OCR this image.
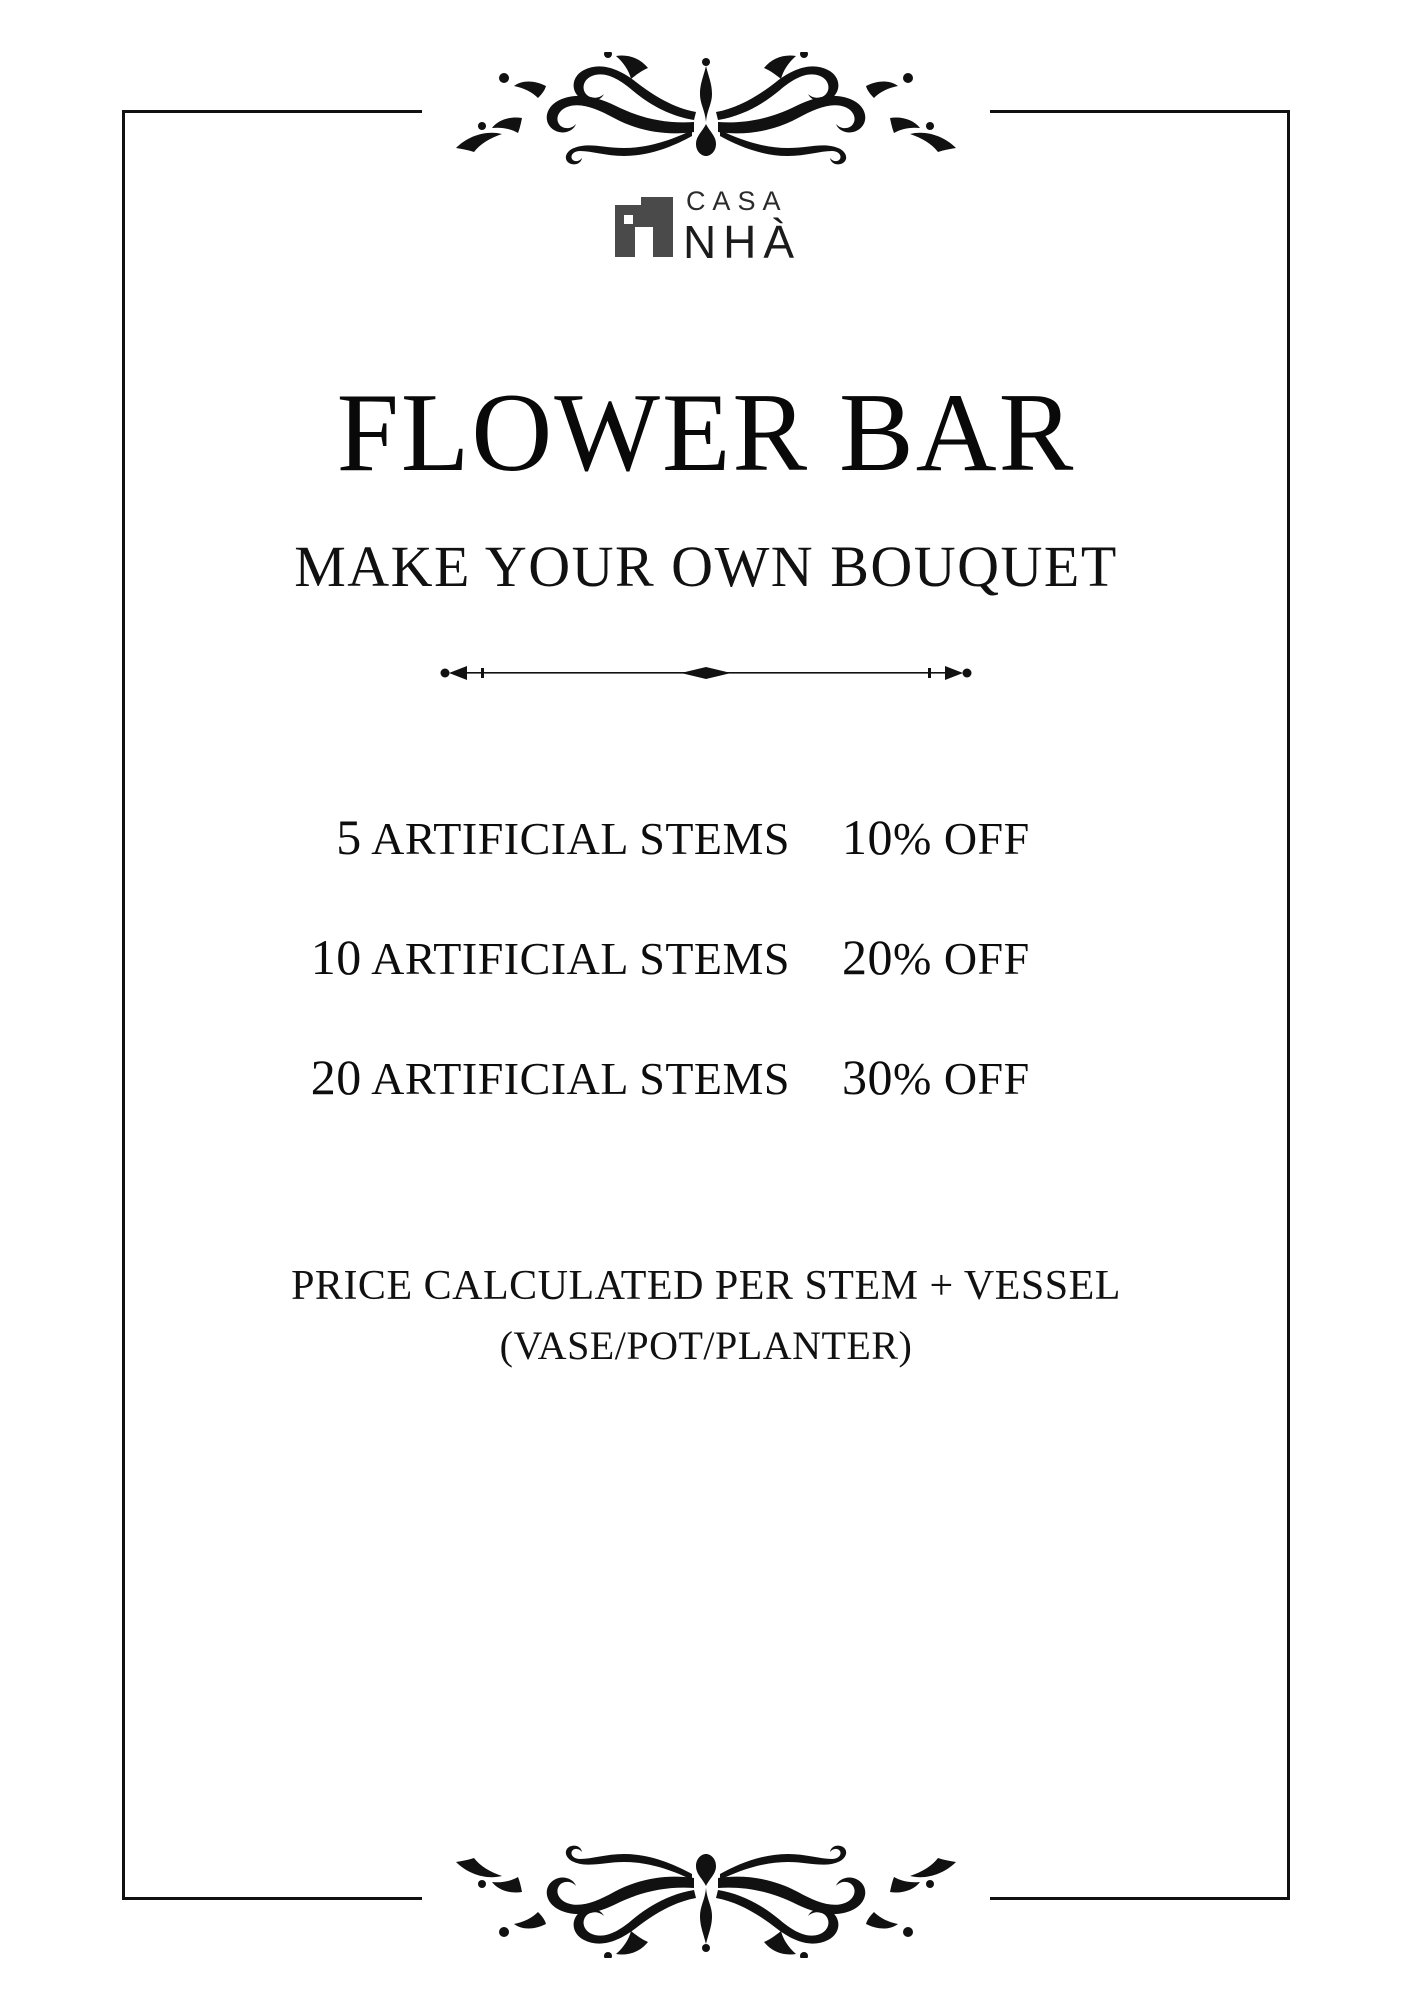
CASA
NHÀ
FLOWER BAR
MAKE YOUR OWN BOUQUET
5 ARTIFICIAL STEMS	10% OFF
10 ARTIFICIAL STEMS	20% OFF
20 ARTIFICIAL STEMS	30% OFF
PRICE CALCULATED PER STEM + VESSEL
(VASE/POT/PLANTER)
